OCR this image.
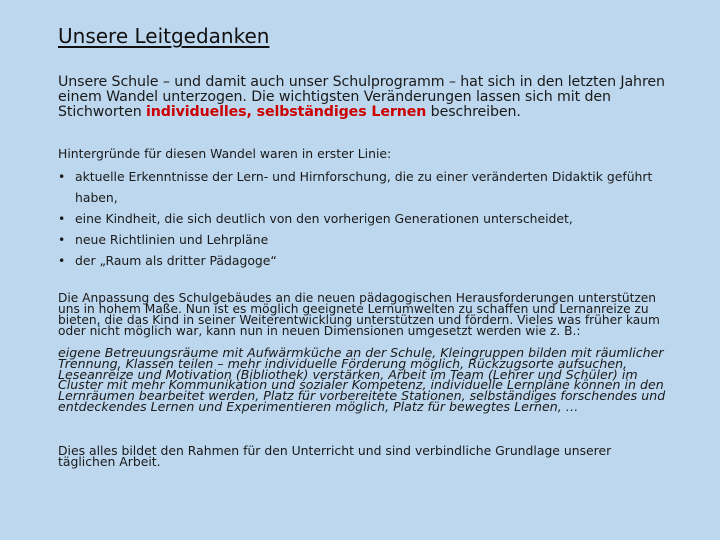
Unsere Leitgedanken
Unsere Schule – und damit auch unser Schulprogramm – hat sich in den letzten Jahren einem Wandel unterzogen. Die wichtigsten Veränderungen lassen sich mit den Stichworten individuelles, selbständiges Lernen beschreiben.
Hintergründe für diesen Wandel waren in erster Linie:
• aktuelle Erkenntnisse der Lern- und Hirnforschung, die zu einer veränderten Didaktik geführt haben,
• eine Kindheit, die sich deutlich von den vorherigen Generationen unterscheidet,
• neue Richtlinien und Lehrpläne
• der „Raum als dritter Pädagoge“
Die Anpassung des Schulgebäudes an die neuen pädagogischen Herausforderungen unterstützen uns in hohem Maße. Nun ist es möglich geeignete Lernumwelten zu schaffen und Lernanreize zu bieten, die das Kind in seiner Weiterentwicklung unterstützen und fördern. Vieles was früher kaum oder nicht möglich war, kann nun in neuen Dimensionen umgesetzt werden wie z. B.:
eigene Betreuungsräume mit Aufwärmküche an der Schule, Kleingruppen bilden mit räumlicher Trennung, Klassen teilen – mehr individuelle Förderung möglich, Rückzugsorte aufsuchen, Leseanreize und Motivation (Bibliothek) verstärken, Arbeit im Team (Lehrer und Schüler) im Cluster mit mehr Kommunikation und sozialer Kompetenz, individuelle Lernpläne können in den Lernräumen bearbeitet werden, Platz für vorbereitete Stationen, selbständiges forschendes und entdeckendes Lernen und Experimentieren möglich, Platz für bewegtes Lernen, …
Dies alles bildet den Rahmen für den Unterricht und sind verbindliche Grundlage unserer täglichen Arbeit.
